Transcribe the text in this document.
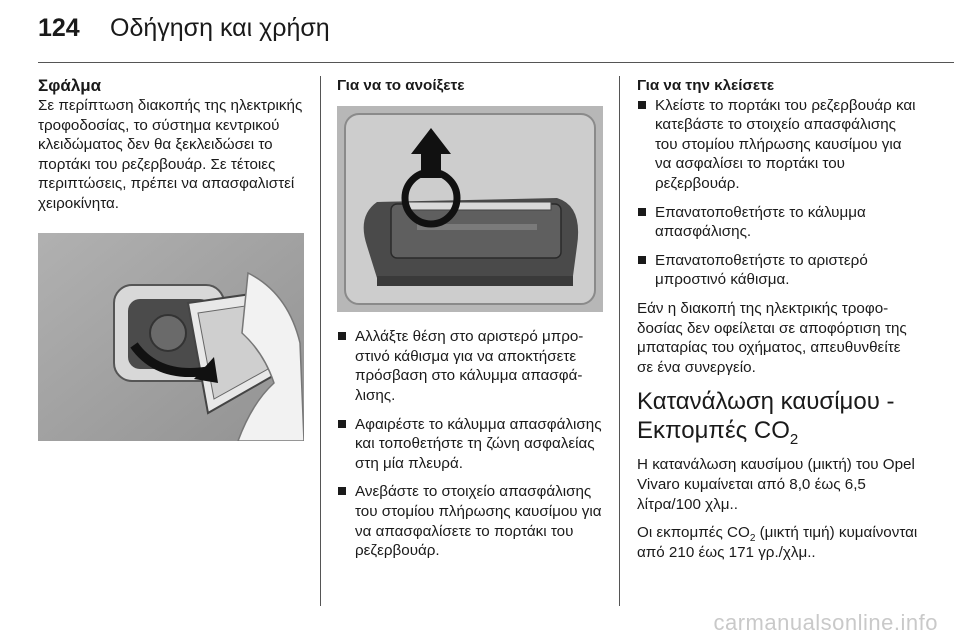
124	Οδήγηση και χρήση
Σφάλμα

Σε περίπτωση διακοπής της ηλεκτρικής τροφοδοσίας, το σύστημα κεντρικού κλειδώματος δεν θα ξεκλειδώσει το πορτάκι του ρεζερβουάρ. Σε τέτοιες περιπτώσεις, πρέπει να απασφαλιστεί χειροκίνητα.

Για να το ανοίξετε
Αλλάξτε θέση στο αριστερό μπροστινό κάθισμα για να αποκτήσετε πρόσβαση στο κάλυμμα απασφάλισης.
Αφαιρέστε το κάλυμμα απασφάλισης και τοποθετήστε τη ζώνη ασφαλείας στη μία πλευρά.
Ανεβάστε το στοιχείο απασφάλισης του στομίου πλήρωσης καυσίμου για να απασφαλίσετε το πορτάκι του ρεζερβουάρ.
Για να την κλείσετε
Κλείστε το πορτάκι του ρεζερβουάρ και κατεβάστε το στοιχείο απασφάλισης του στομίου πλήρωσης καυσίμου για να ασφαλίσει το πορτάκι του ρεζερβουάρ.
Επανατοποθετήστε το κάλυμμα απασφάλισης.
Επανατοποθετήστε το αριστερό μπροστινό κάθισμα.

Εάν η διακοπή της ηλεκτρικής τροφοδοσίας δεν οφείλεται σε αποφόρτιση της μπαταρίας του οχήματος, απευθυνθείτε σε ένα συνεργείο.

Κατανάλωση καυσίμου -
Εκπομπές $CO_2$

Η κατανάλωση καυσίμου (μικτή) του Opel Vivaro κυμαίνεται από 8,0 έως 6,5 λίτρα/100 χλμ..

Οι εκπομπές $CO_2$ (μικτή τιμή) κυμαίνονται από 210 έως 171 γρ./χλμ..

carmanualsonline.info
